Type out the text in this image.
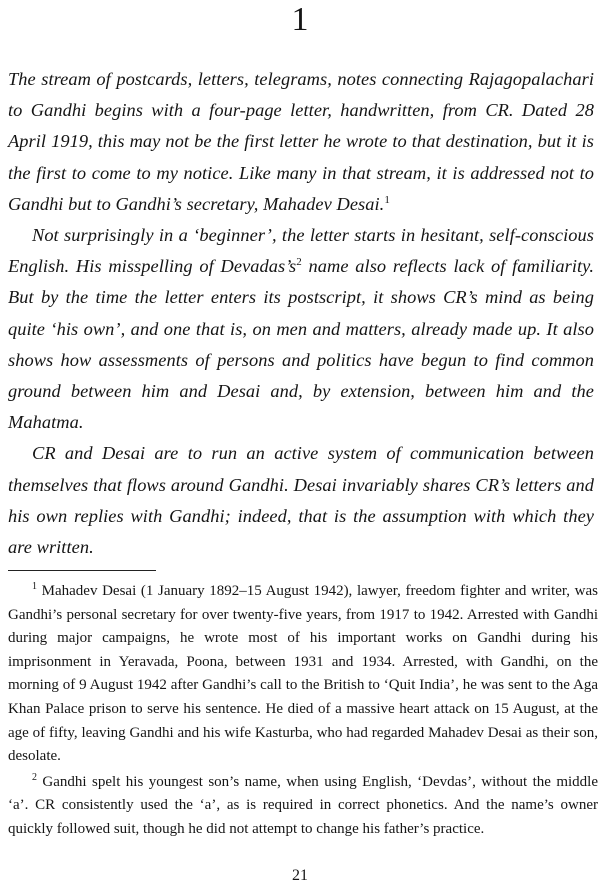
1

The stream of postcards, letters, telegrams, notes connecting Rajagopalachari to Gandhi begins with a four-page letter, handwritten, from CR. Dated 28 April 1919, this may not be the first letter he wrote to that destination, but it is the first to come to my notice. Like many in that stream, it is addressed not to Gandhi but to Gandhi’s secretary, Mahadev Desai.$^1$

Not surprisingly in a ‘beginner’, the letter starts in hesitant, self-conscious English. His misspelling of $Devadas’s^2$ name also reflects lack of familiarity. But by the time the letter enters its postscript, it shows CR’s mind as being quite ‘his own’, and one that is, on men and matters, already made up. It also shows how assessments of persons and politics have begun to find common ground between him and Desai and, by extension, between him and the Mahatma.

CR and Desai are to run an active system of communication between themselves that flows around Gandhi. Desai invariably shares CR’s letters and his own replies with Gandhi; indeed, that is the assumption with which they are written.

$^1$ Mahadev Desai (1 January 1892–15 August 1942), lawyer, freedom fighter and writer, was Gandhi’s personal secretary for over twenty-five years, from 1917 to 1942. Arrested with Gandhi during major campaigns, he wrote most of his important works on Gandhi during his imprisonment in Yeravada, Poona, between 1931 and 1934. Arrested, with Gandhi, on the morning of 9 August 1942 after Gandhi’s call to the British to ‘Quit India’, he was sent to the Aga Khan Palace prison to serve his sentence. He died of a massive heart attack on 15 August, at the age of fifty, leaving Gandhi and his wife Kasturba, who had regarded Mahadev Desai as their son, desolate.

$^2$ Gandhi spelt his youngest son’s name, when using English, ‘Devdas’, without the middle ‘a’. CR consistently used the ‘a’, as is required in correct phonetics. And the name’s owner quickly followed suit, though he did not attempt to change his father’s practice.

21
